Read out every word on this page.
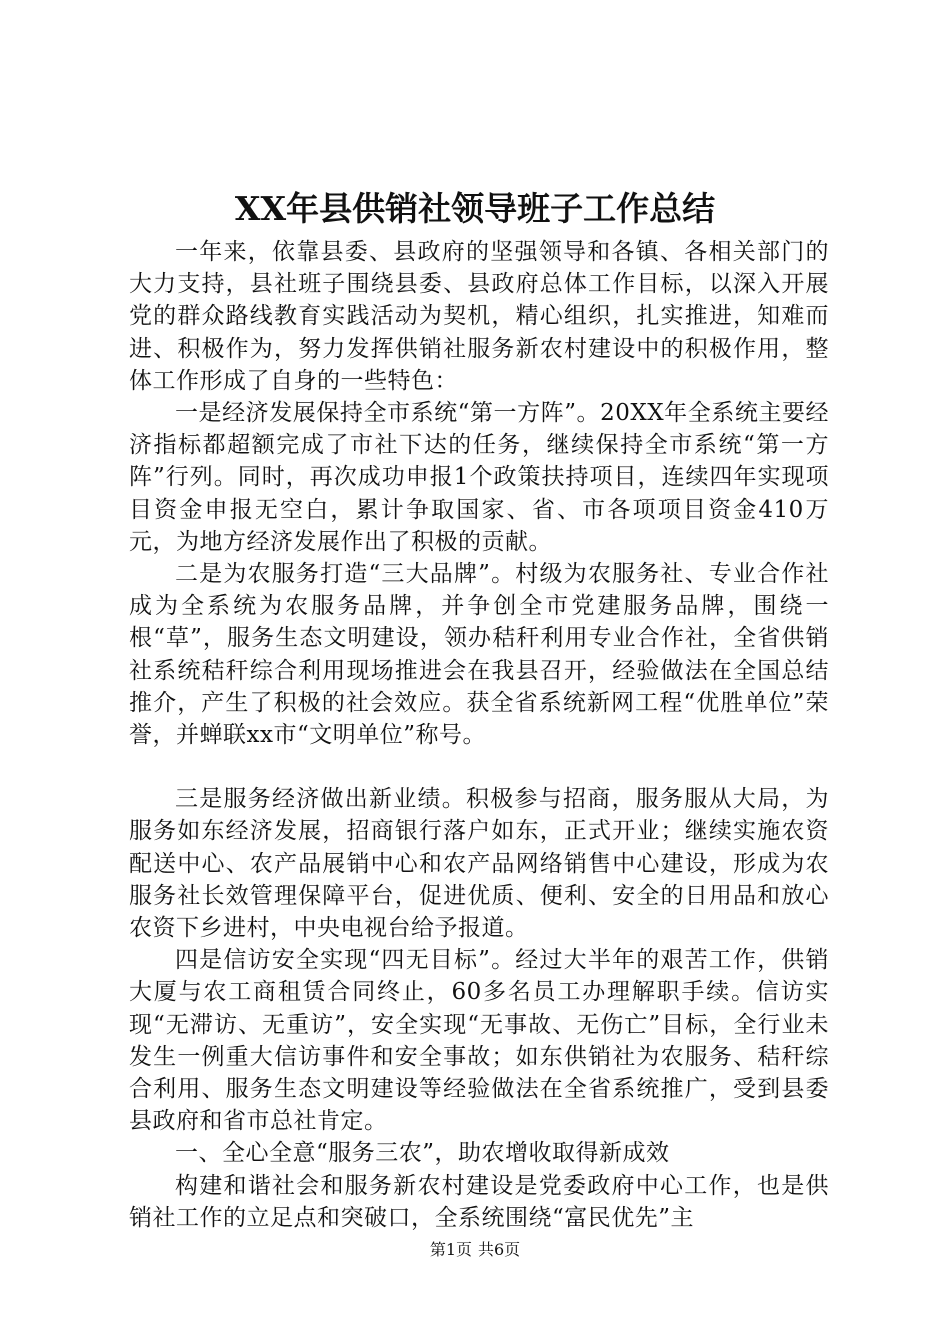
XX年县供销社领导班子工作总结

一年来，依靠县委、县政府的坚强领导和各镇、各相关部门的大力支持，县社班子围绕县委、县政府总体工作目标，以深入开展党的群众路线教育实践活动为契机，精心组织，扎实推进，知难而进、积极作为，努力发挥供销社服务新农村建设中的积极作用，整体工作形成了自身的一些特色：

一是经济发展保持全市系统“第一方阵”。20XX年全系统主要经济指标都超额完成了市社下达的任务，继续保持全市系统“第一方阵”行列。同时，再次成功申报1个政策扶持项目，连续四年实现项目资金申报无空白，累计争取国家、省、市各项项目资金410万元，为地方经济发展作出了积极的贡献。

二是为农服务打造“三大品牌”。村级为农服务社、专业合作社成为全系统为农服务品牌，并争创全市党建服务品牌，围绕一根“草”，服务生态文明建设，领办秸秆利用专业合作社，全省供销社系统秸秆综合利用现场推进会在我县召开，经验做法在全国总结推介，产生了积极的社会效应。获全省系统新网工程“优胜单位”荣誉，并蝉联xx市“文明单位”称号。

三是服务经济做出新业绩。积极参与招商，服务服从大局，为服务如东经济发展，招商银行落户如东，正式开业；继续实施农资配送中心、农产品展销中心和农产品网络销售中心建设，形成为农服务社长效管理保障平台，促进优质、便利、安全的日用品和放心农资下乡进村，中央电视台给予报道。

四是信访安全实现“四无目标”。经过大半年的艰苦工作，供销大厦与农工商租赁合同终止，60多名员工办理解职手续。信访实现“无滞访、无重访”，安全实现“无事故、无伤亡”目标，全行业未发生一例重大信访事件和安全事故；如东供销社为农服务、秸秆综合利用、服务生态文明建设等经验做法在全省系统推广，受到县委县政府和省市总社肯定。

一、全心全意“服务三农”，助农增收取得新成效

构建和谐社会和服务新农村建设是党委政府中心工作，也是供销社工作的立足点和突破口，全系统围绕“富民优先”主

第1页 共6页
